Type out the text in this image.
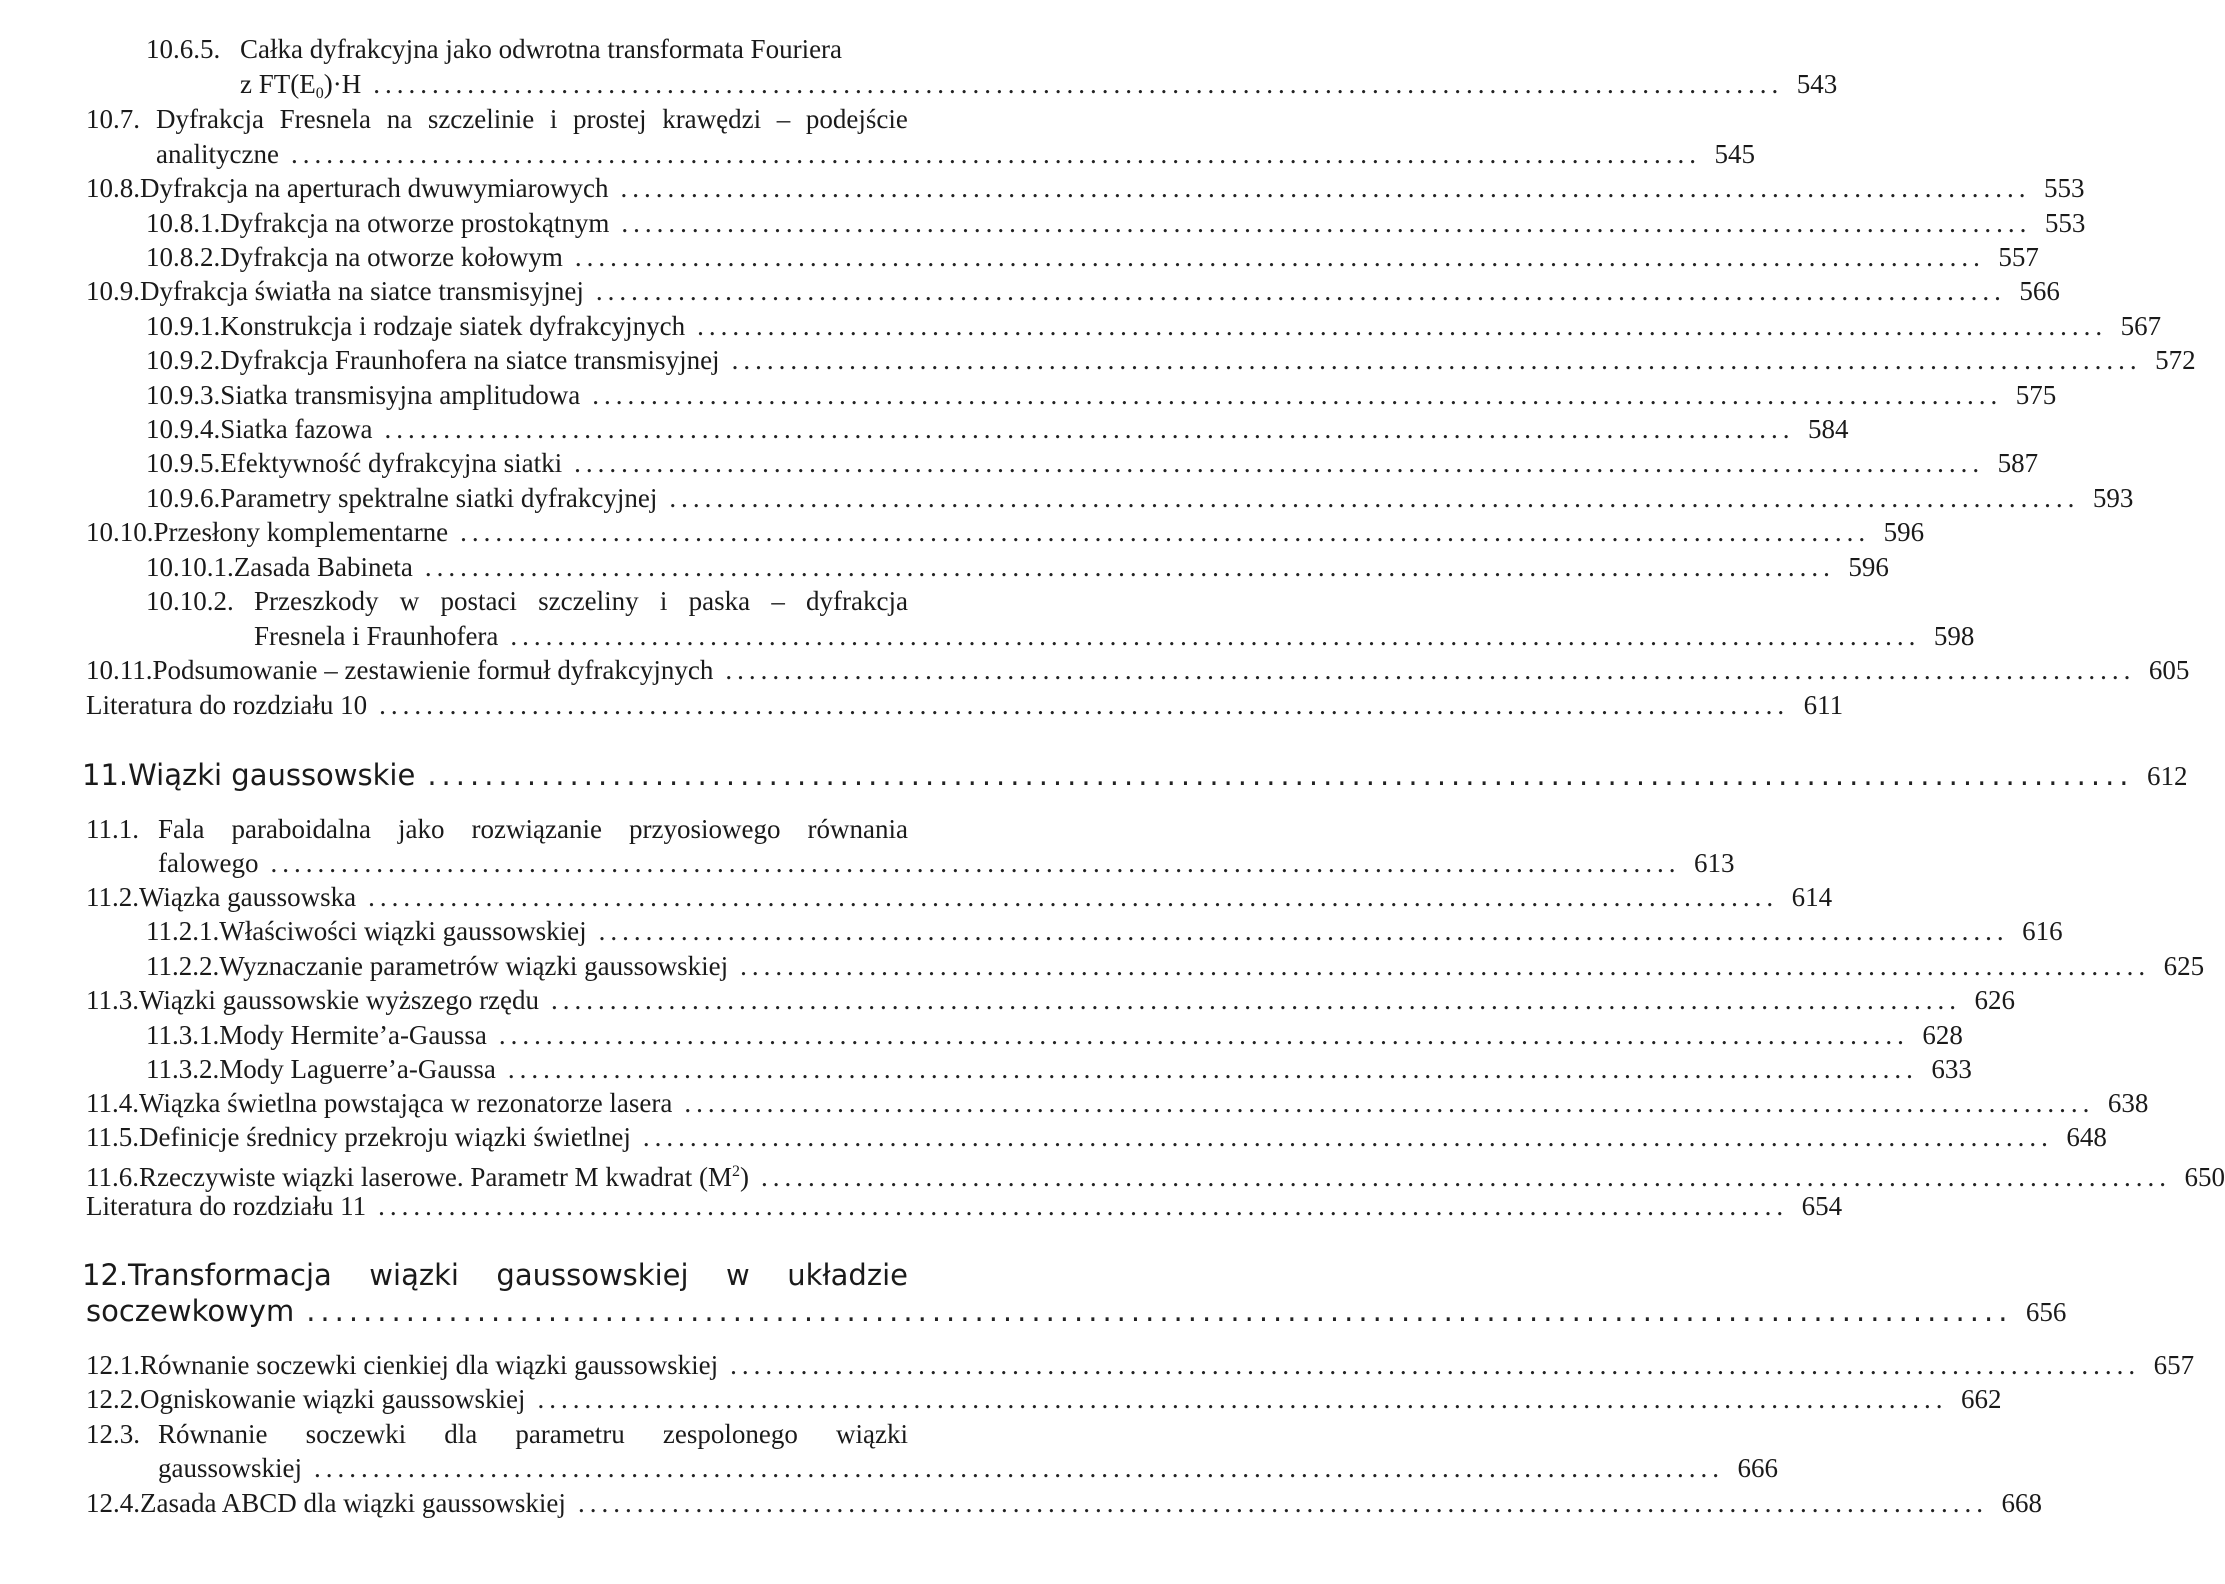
10.6.5. Całka dyfrakcyjna jako odwrotna transformata Fouriera
z $FT(E_0)\cdot H$ ........................................................................................................................ 543
10.7. Dyfrakcja Fresnela na szczelinie i prostej krawędzi – podejście
analityczne ........................................................................................................................ 545
10.8. Dyfrakcja na aperturach dwuwymiarowych ........................................................................................................................ 553
10.8.1. Dyfrakcja na otworze prostokątnym ........................................................................................................................ 553
10.8.2. Dyfrakcja na otworze kołowym ........................................................................................................................ 557
10.9. Dyfrakcja światła na siatce transmisyjnej ........................................................................................................................ 566
10.9.1. Konstrukcja i rodzaje siatek dyfrakcyjnych ........................................................................................................................ 567
10.9.2. Dyfrakcja Fraunhofera na siatce transmisyjnej ........................................................................................................................ 572
10.9.3. Siatka transmisyjna amplitudowa ........................................................................................................................ 575
10.9.4. Siatka fazowa ........................................................................................................................ 584
10.9.5. Efektywność dyfrakcyjna siatki ........................................................................................................................ 587
10.9.6. Parametry spektralne siatki dyfrakcyjnej ........................................................................................................................ 593
10.10. Przesłony komplementarne ........................................................................................................................ 596
10.10.1. Zasada Babineta ........................................................................................................................ 596
10.10.2. Przeszkody w postaci szczeliny i paska – dyfrakcja
Fresnela i Fraunhofera ........................................................................................................................ 598
10.11. Podsumowanie – zestawienie formuł dyfrakcyjnych ........................................................................................................................ 605
Literatura do rozdziału 10 ........................................................................................................................ 611
11. Wiązki gaussowskie ........................................................................................................................ 612
11.1. Fala paraboidalna jako rozwiązanie przyosiowego równania
falowego ........................................................................................................................ 613
11.2. Wiązka gaussowska ........................................................................................................................ 614
11.2.1. Właściwości wiązki gaussowskiej ........................................................................................................................ 616
11.2.2. Wyznaczanie parametrów wiązki gaussowskiej ........................................................................................................................ 625
11.3. Wiązki gaussowskie wyższego rzędu ........................................................................................................................ 626
11.3.1. Mody Hermite’a-Gaussa ........................................................................................................................ 628
11.3.2. Mody Laguerre’a-Gaussa ........................................................................................................................ 633
11.4. Wiązka świetlna powstająca w rezonatorze lasera ........................................................................................................................ 638
11.5. Definicje średnicy przekroju wiązki świetlnej ........................................................................................................................ 648
11.6. Rzeczywiste wiązki laserowe. Parametr M kwadrat $(M^2)$ ........................................................................................................................ 650
Literatura do rozdziału 11 ........................................................................................................................ 654
12. Transformacja wiązki gaussowskiej w układzie
soczewkowym ........................................................................................................................ 656
12.1. Równanie soczewki cienkiej dla wiązki gaussowskiej ........................................................................................................................ 657
12.2. Ogniskowanie wiązki gaussowskiej ........................................................................................................................ 662
12.3. Równanie soczewki dla parametru zespolonego wiązki
gaussowskiej ........................................................................................................................ 666
12.4. Zasada ABCD dla wiązki gaussowskiej ........................................................................................................................ 668
